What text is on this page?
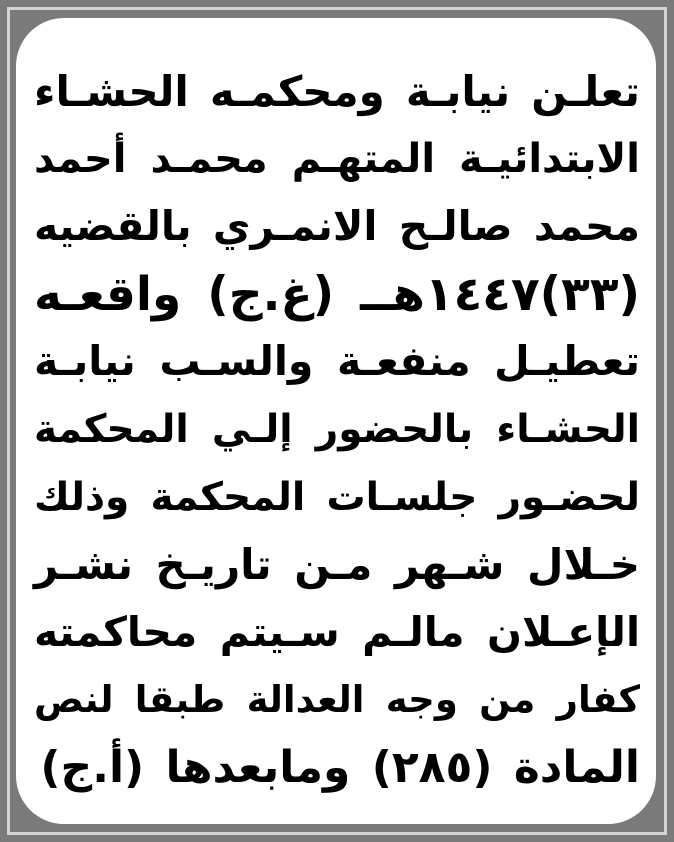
تعلـن نيابـة ومحكمـه الحشـاء
الابتدائيـة المتهـم محمـد أحمد
محمد صالـح الانمـري بالقضيه
(٣٣)١٤٤٧هــ (غ.ج) واقعـه
تعطيـل منفعـة والسـب نيابـة
الحشـاء بالحضور إلـي المحكمة
لحضـور جلسـات المحكمة وذلك
خـلال شـهر مـن تاريـخ نشـر
الإعـلان مالـم سـيتم محاكمته
كفار من وجه العدالة طبقا لنص
المادة (٢٨٥) ومابعدها (أ.ج)
